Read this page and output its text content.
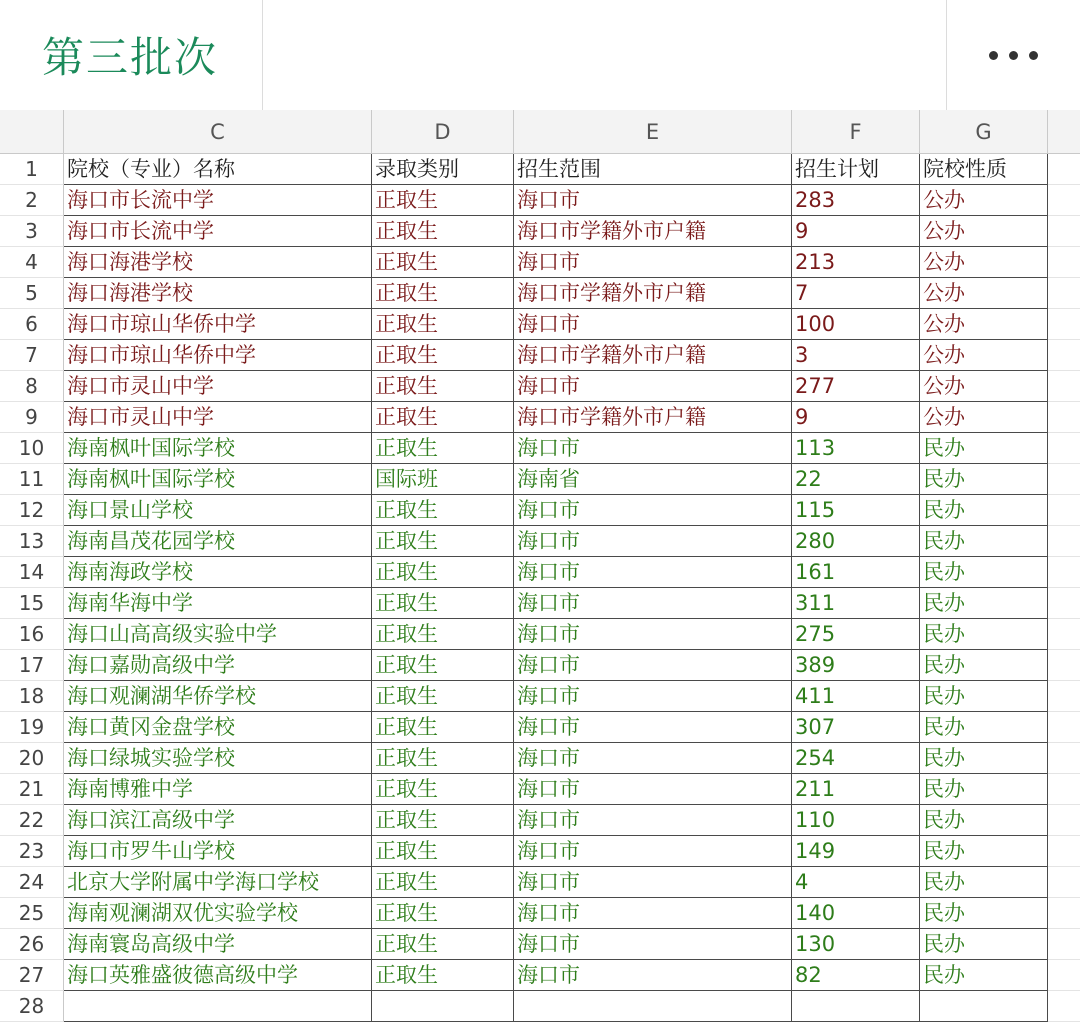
第三批次
C	D	E	F	G
1	院校（专业）名称	录取类别	招生范围	招生计划	院校性质
2	海口市长流中学	正取生	海口市	283	公办
3	海口市长流中学	正取生	海口市学籍外市户籍	9	公办
4	海口海港学校	正取生	海口市	213	公办
5	海口海港学校	正取生	海口市学籍外市户籍	7	公办
6	海口市琼山华侨中学	正取生	海口市	100	公办
7	海口市琼山华侨中学	正取生	海口市学籍外市户籍	3	公办
8	海口市灵山中学	正取生	海口市	277	公办
9	海口市灵山中学	正取生	海口市学籍外市户籍	9	公办
10	海南枫叶国际学校	正取生	海口市	113	民办
11	海南枫叶国际学校	国际班	海南省	22	民办
12	海口景山学校	正取生	海口市	115	民办
13	海南昌茂花园学校	正取生	海口市	280	民办
14	海南海政学校	正取生	海口市	161	民办
15	海南华海中学	正取生	海口市	311	民办
16	海口山高高级实验中学	正取生	海口市	275	民办
17	海口嘉勋高级中学	正取生	海口市	389	民办
18	海口观澜湖华侨学校	正取生	海口市	411	民办
19	海口黄冈金盘学校	正取生	海口市	307	民办
20	海口绿城实验学校	正取生	海口市	254	民办
21	海南博雅中学	正取生	海口市	211	民办
22	海口滨江高级中学	正取生	海口市	110	民办
23	海口市罗牛山学校	正取生	海口市	149	民办
24	北京大学附属中学海口学校	正取生	海口市	4	民办
25	海南观澜湖双优实验学校	正取生	海口市	140	民办
26	海南寰岛高级中学	正取生	海口市	130	民办
27	海口英雅盛彼德高级中学	正取生	海口市	82	民办
28
